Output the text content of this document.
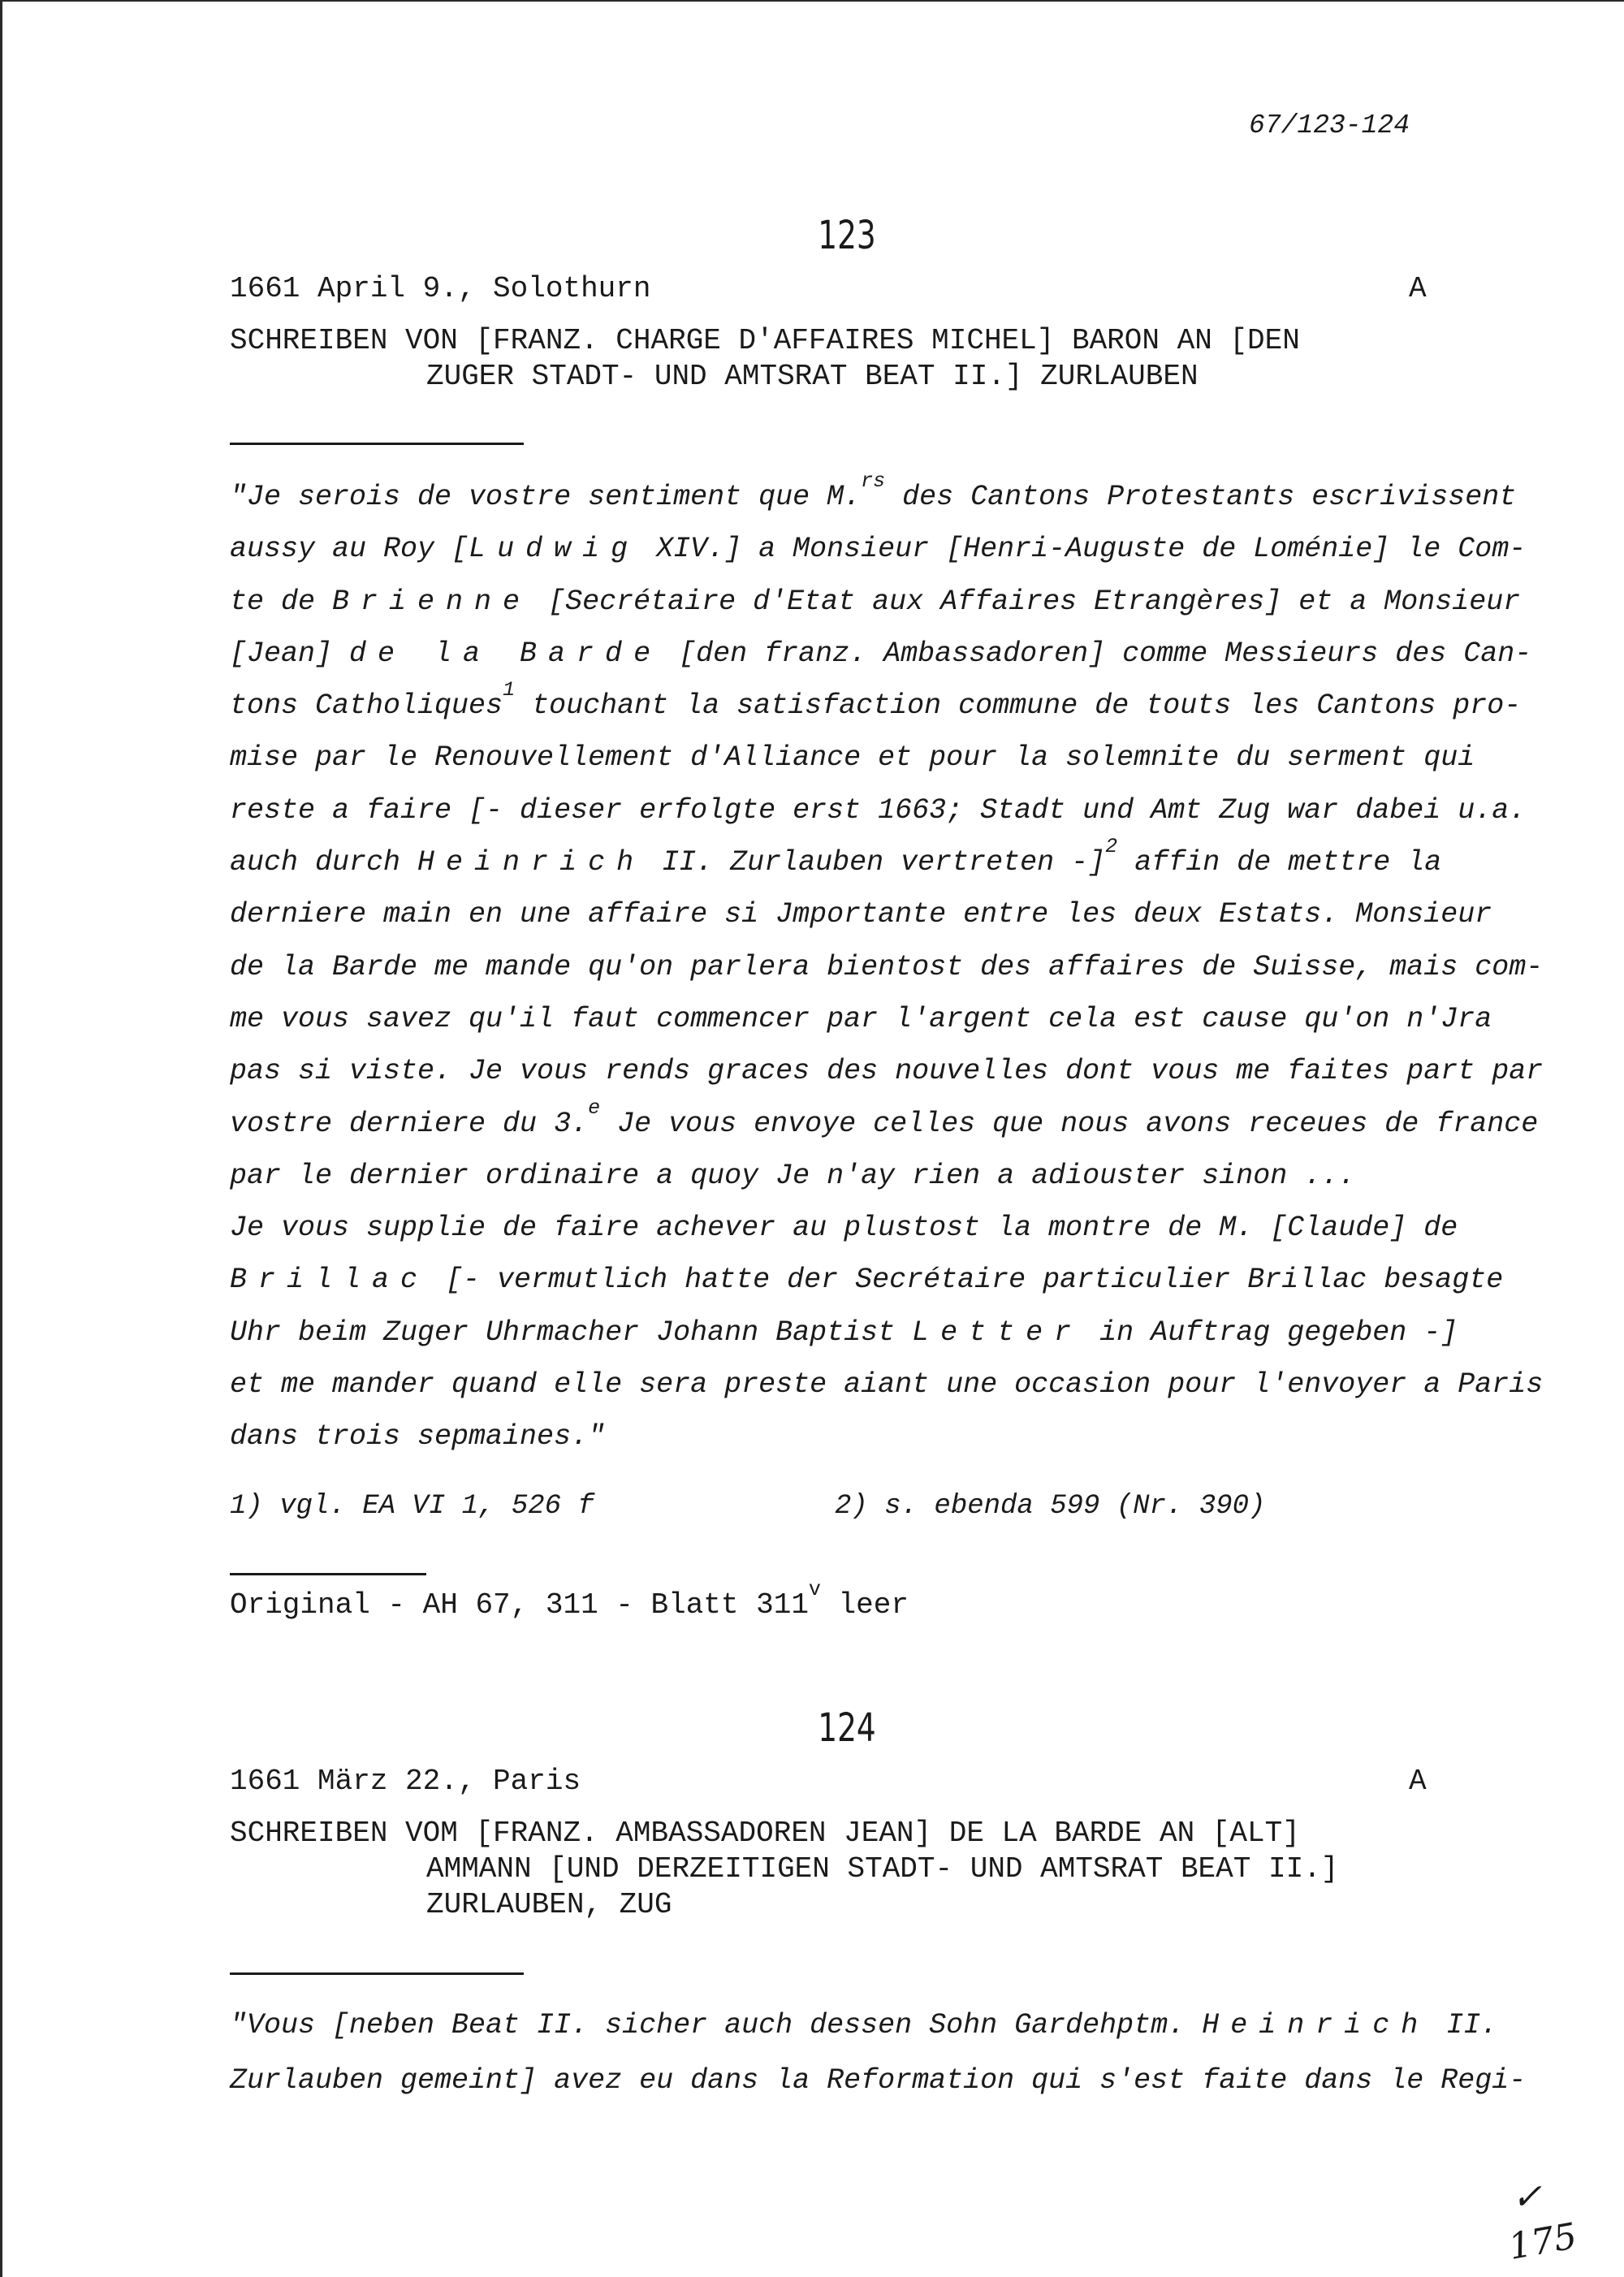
67/123-124
123
1661 April 9., Solothurn	A
SCHREIBEN VON [FRANZ. CHARGE D'AFFAIRES MICHEL] BARON AN [DEN
ZUGER STADT- UND AMTSRAT BEAT II.] ZURLAUBEN
"Je serois de vostre sentiment que M.$^{rs}$ des Cantons Protestants escrivissent
aussy au Roy [Ludwig XIV.] a Monsieur [Henri-Auguste de Loménie] le Com-
te de Brienne [Secrétaire d'Etat aux Affaires Etrangères] et a Monsieur
[Jean] de la Barde [den franz. Ambassadoren] comme Messieurs des Can-
tons Catholiques$^1$ touchant la satisfaction commune de touts les Cantons pro-
mise par le Renouvellement d'Alliance et pour la solemnite du serment qui
reste a faire [- dieser erfolgte erst 1663; Stadt und Amt Zug war dabei u.a.
auch durch Heinrich II. Zurlauben vertreten -]$^2$ affin de mettre la
derniere main en une affaire si Jmportante entre les deux Estats. Monsieur
de la Barde me mande qu'on parlera bientost des affaires de Suisse, mais com-
me vous savez qu'il faut commencer par l'argent cela est cause qu'on n'Jra
pas si viste. Je vous rends graces des nouvelles dont vous me faites part par
vostre derniere du 3.$^e$ Je vous envoye celles que nous avons receues de france
par le dernier ordinaire a quoy Je n'ay rien a adiouster sinon ...
Je vous supplie de faire achever au plustost la montre de M. [Claude] de
Brillac [- vermutlich hatte der Secrétaire particulier Brillac besagte
Uhr beim Zuger Uhrmacher Johann Baptist Letter in Auftrag gegeben -]
et me mander quand elle sera preste aiant une occasion pour l'envoyer a Paris
dans trois sepmaines."
1) vgl. EA VI 1, 526 f	2) s. ebenda 599 (Nr. 390)
Original - AH 67, 311 - Blatt 311$^v$ leer
124
1661 März 22., Paris	A
SCHREIBEN VOM [FRANZ. AMBASSADOREN JEAN] DE LA BARDE AN [ALT]
AMMANN [UND DERZEITIGEN STADT- UND AMTSRAT BEAT II.]
ZURLAUBEN, ZUG
"Vous [neben Beat II. sicher auch dessen Sohn Gardehptm. Heinrich II.
Zurlauben gemeint] avez eu dans la Reformation qui s'est faite dans le Regi-
✓
175
